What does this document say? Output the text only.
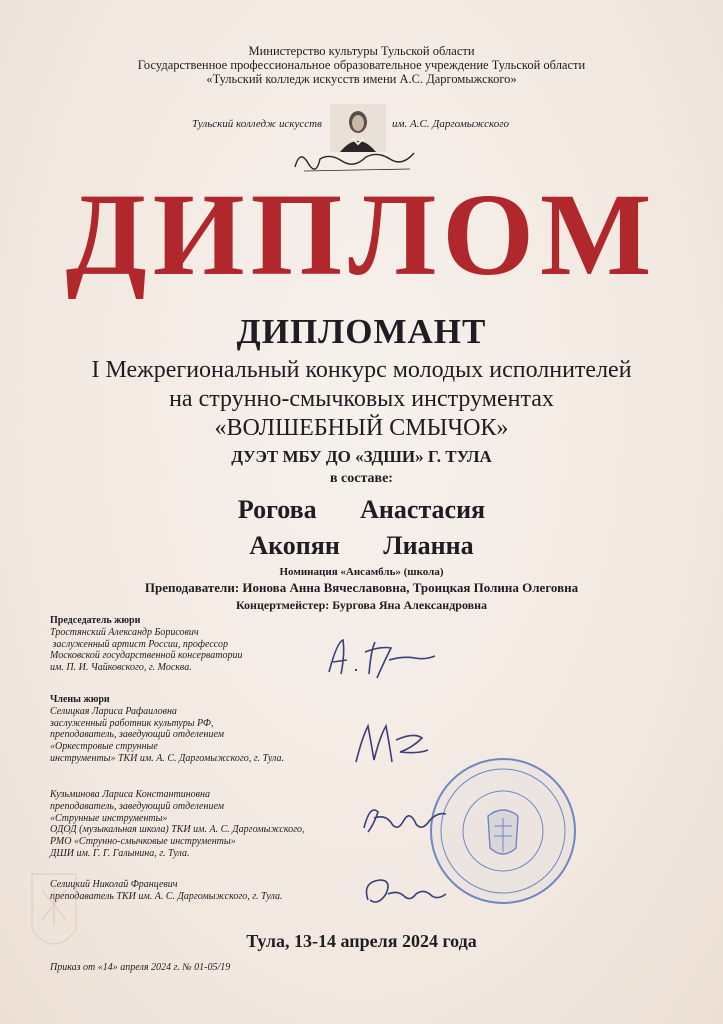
Министерство культуры Тульской области
Государственное профессиональное образовательное учреждение Тульской области
«Тульский колледж искусств имени А.С. Даргомыжского»
Тульский колледж искусств	им. А.С. Даргомыжского
ДИПЛОМ
ДИПЛОМАНТ
I Межрегиональный конкурс молодых исполнителей
на струнно-смычковых инструментах
«ВОЛШЕБНЫЙ СМЫЧОК»
ДУЭТ МБУ ДО «ЗДШИ» Г. ТУЛА
в составе:
Рогова   Анастасия
Акопян   Лианна
Номинация «Ансамбль» (школа)
Преподаватели: Ионова Анна Вячеславовна, Троицкая Полина Олеговна
Концертмейстер: Бургова Яна Александровна
Председатель жюри
Тростянский Александр Борисович
заслуженный артист России, профессор
Московской государственной консерватории
им. П. И. Чайковского, г. Москва.
Члены жюри
Селицкая Лариса Рафаиловна
заслуженный работник культуры РФ,
преподаватель, заведующий отделением
«Оркестровые струнные
инструменты» ТКИ им. А. С. Даргомыжского, г. Тула.
Кузьминова Лариса Константиновна
преподаватель, заведующий отделением
«Струнные инструменты»
ОДОД (музыкальная школа) ТКИ им. А. С. Даргомыжского,
РМО «Струнно-смычковые инструменты»
ДШИ им. Г. Г. Галынина, г. Тула.
Селицкий Николай Францевич
преподаватель ТКИ им. А. С. Даргомыжского, г. Тула.
Тула, 13-14 апреля 2024 года
Приказ от «14» апреля 2024 г. № 01-05/19
